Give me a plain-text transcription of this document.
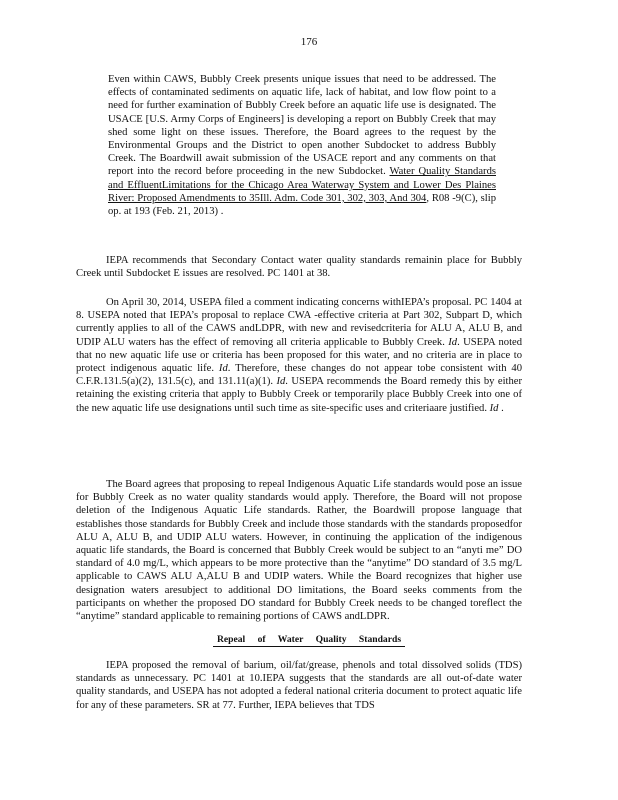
176

Even within CAWS, Bubbly Creek presents unique issues that need to be addressed. The effects of contaminated sediments on aquatic life, lack of habitat, and low flow point to a need for further examination of Bubbly Creek before an aquatic life use is designated. The USACE [U.S. Army Corps of Engineers] is developing a report on Bubbly Creek that may shed some light on these issues. Therefore, the Board agrees to the request by the Environmental Groups and the District to open another Subdocket to address Bubbly Creek. The Boardwill await submission of the USACE report and any comments on that report into the record before proceeding in the new Subdocket. Water Quality Standards and EffluentLimitations for the Chicago Area Waterway System and Lower Des Plaines River: Proposed Amendments to 35Ill. Adm. Code 301, 302, 303, And 304, R08 -9(C), slip op. at 193 (Feb. 21, 2013) .

IEPA recommends that Secondary Contact water quality standards remainin place for Bubbly Creek until Subdocket E issues are resolved. PC 1401 at 38.

On April 30, 2014, USEPA filed a comment indicating concerns withIEPA’s proposal. PC 1404 at 8. USEPA noted that IEPA’s proposal to replace CWA -effective criteria at Part 302, Subpart D, which currently applies to all of the CAWS andLDPR, with new and revisedcriteria for ALU A, ALU B, and UDIP ALU waters has the effect of removing all criteria applicable to Bubbly Creek. Id. USEPA noted that no new aquatic life use or criteria has been proposed for this water, and no criteria are in place to protect indigenous aquatic life. Id. Therefore, these changes do not appear tobe consistent with 40 C.F.R.131.5(a)(2), 131.5(c), and 131.11(a)(1). Id. USEPA recommends the Board remedy this by either retaining the existing criteria that apply to Bubbly Creek or temporarily place Bubbly Creek into one of the new aquatic life use designations until such time as site-specific uses and criteriaare justified. Id .

The Board agrees that proposing to repeal Indigenous Aquatic Life standards would pose an issue for Bubbly Creek as no water quality standards would apply. Therefore, the Board will not propose deletion of the Indigenous Aquatic Life standards. Rather, the Boardwill propose language that establishes those standards for Bubbly Creek and include those standards with the standards proposedfor ALU A, ALU B, and UDIP ALU waters. However, in continuing the application of the indigenous aquatic life standards, the Board is concerned that Bubbly Creek would be subject to an “anyti me” DO standard of 4.0 mg/L, which appears to be more protective than the “anytime” DO standard of 3.5 mg/L applicable to CAWS ALU A,ALU B and UDIP waters. While the Board recognizes that higher use designation waters aresubject to additional DO limitations, the Board seeks comments from the participants on whether the proposed DO standard for Bubbly Creek needs to be changed toreflect the “anytime” standard applicable to remaining portions of CAWS andLDPR.

Repeal of Water Quality Standards

IEPA proposed the removal of barium, oil/fat/grease, phenols and total dissolved solids (TDS) standards as unnecessary. PC 1401 at 10.IEPA suggests that the standards are all out-of-date water quality standards, and USEPA has not adopted a federal national criteria document to protect aquatic life for any of these parameters. SR at 77. Further, IEPA believes that TDS
